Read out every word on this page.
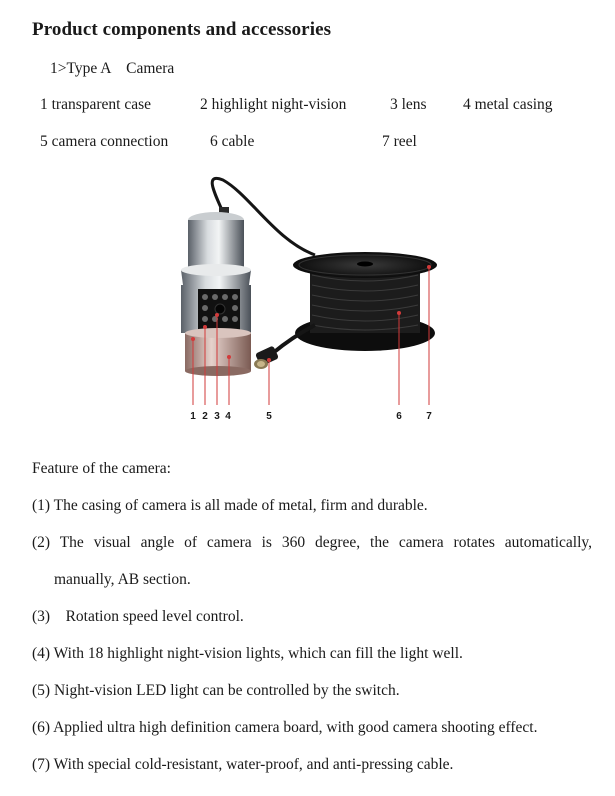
Product components and accessories
1>Type A    Camera
1 transparent case	2 highlight night-vision	3 lens 4 metal casing
5 camera connection	6 cable	7 reel
1 2 3 4	5	6 7
Feature of the camera:
(1) The casing of camera is all made of metal, firm and durable.
(2) The visual angle of camera is 360 degree, the camera rotates automatically,
manually, AB section.
(3)    Rotation speed level control.
(4) With 18 highlight night-vision lights, which can fill the light well.
(5) Night-vision LED light can be controlled by the switch.
(6) Applied ultra high definition camera board, with good camera shooting effect.
(7) With special cold-resistant, water-proof, and anti-pressing cable.
